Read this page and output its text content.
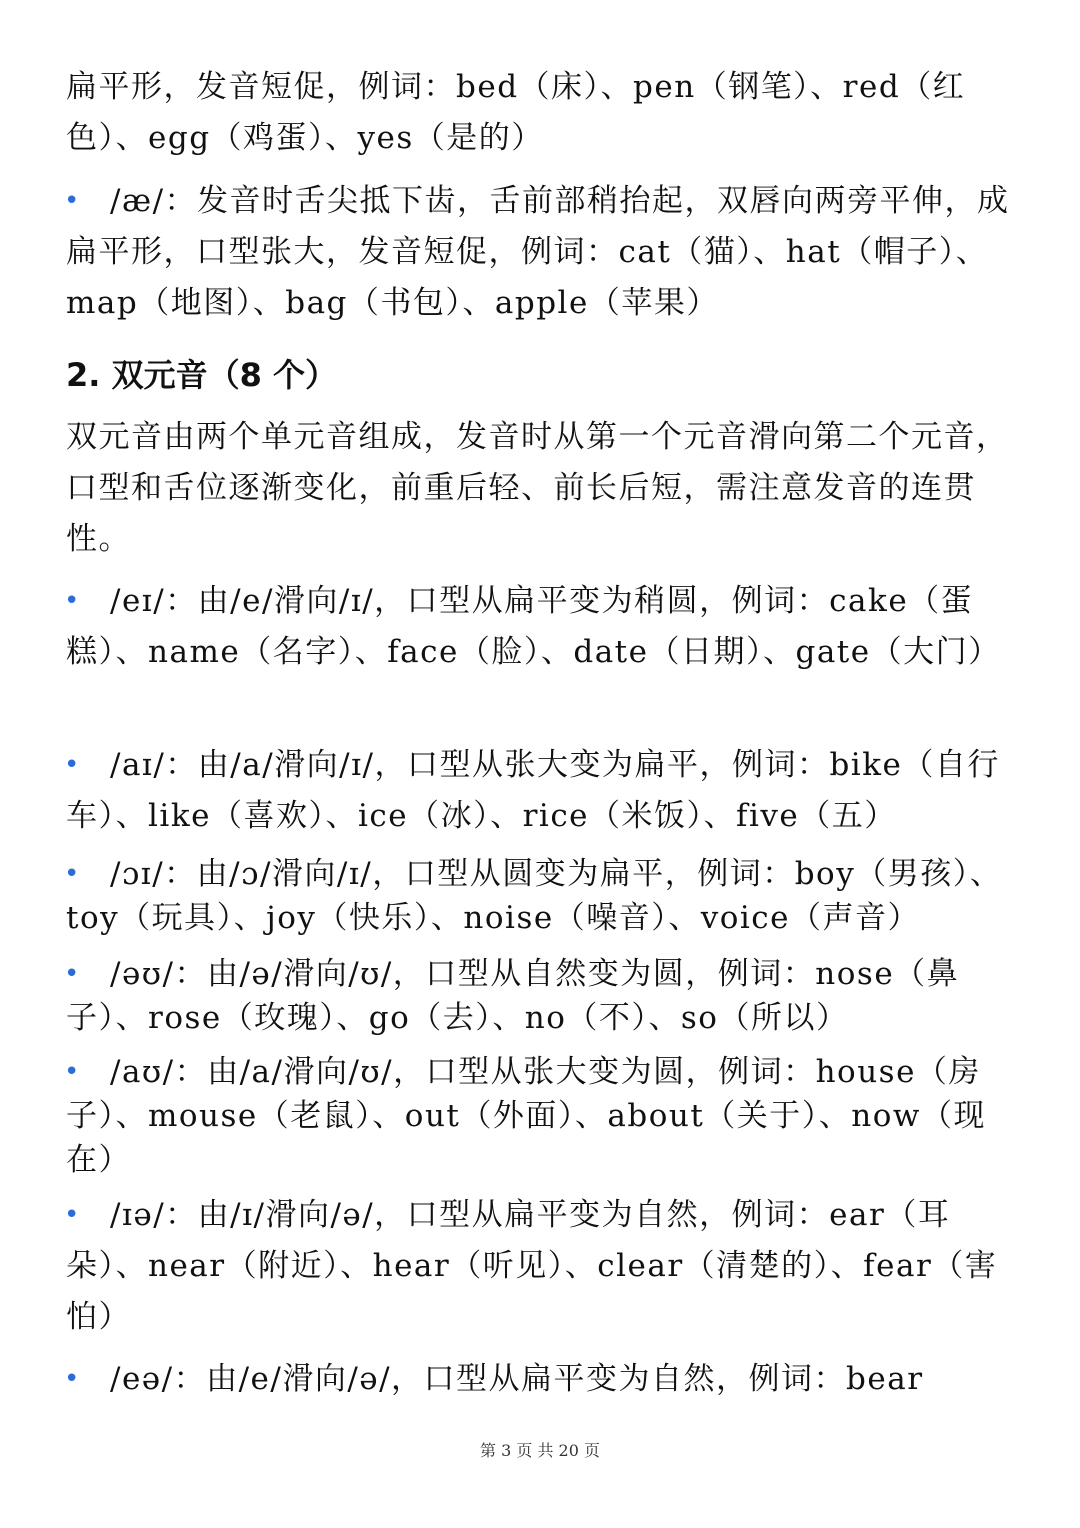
扁平形，发音短促，例词：bed（床）、pen（钢笔）、red（红色）、egg（鸡蛋）、yes（是的）

• /æ/：发音时舌尖抵下齿，舌前部稍抬起，双唇向两旁平伸，成扁平形，口型张大，发音短促，例词：cat（猫）、hat（帽子）、map（地图）、bag（书包）、apple（苹果）
2. 双元音（8 个）

双元音由两个单元音组成，发音时从第一个元音滑向第二个元音，口型和舌位逐渐变化，前重后轻、前长后短，需注意发音的连贯性。

• /eɪ/：由/e/滑向/ɪ/，口型从扁平变为稍圆，例词：cake（蛋糕）、name（名字）、face（脸）、date（日期）、gate（大门）
• /aɪ/：由/a/滑向/ɪ/，口型从张大变为扁平，例词：bike（自行车）、like（喜欢）、ice（冰）、rice（米饭）、five（五）
• /ɔɪ/：由/ɔ/滑向/ɪ/，口型从圆变为扁平，例词：boy（男孩）、toy（玩具）、joy（快乐）、noise（噪音）、voice（声音）
• /əʊ/：由/ə/滑向/ʊ/，口型从自然变为圆，例词：nose（鼻子）、rose（玫瑰）、go（去）、no（不）、so（所以）
• /aʊ/：由/a/滑向/ʊ/，口型从张大变为圆，例词：house（房子）、mouse（老鼠）、out（外面）、about（关于）、now（现在）
• /ɪə/：由/ɪ/滑向/ə/，口型从扁平变为自然，例词：ear（耳朵）、near（附近）、hear（听见）、clear（清楚的）、fear（害怕）
• /eə/：由/e/滑向/ə/，口型从扁平变为自然，例词：bear
第 3 页 共 20 页
